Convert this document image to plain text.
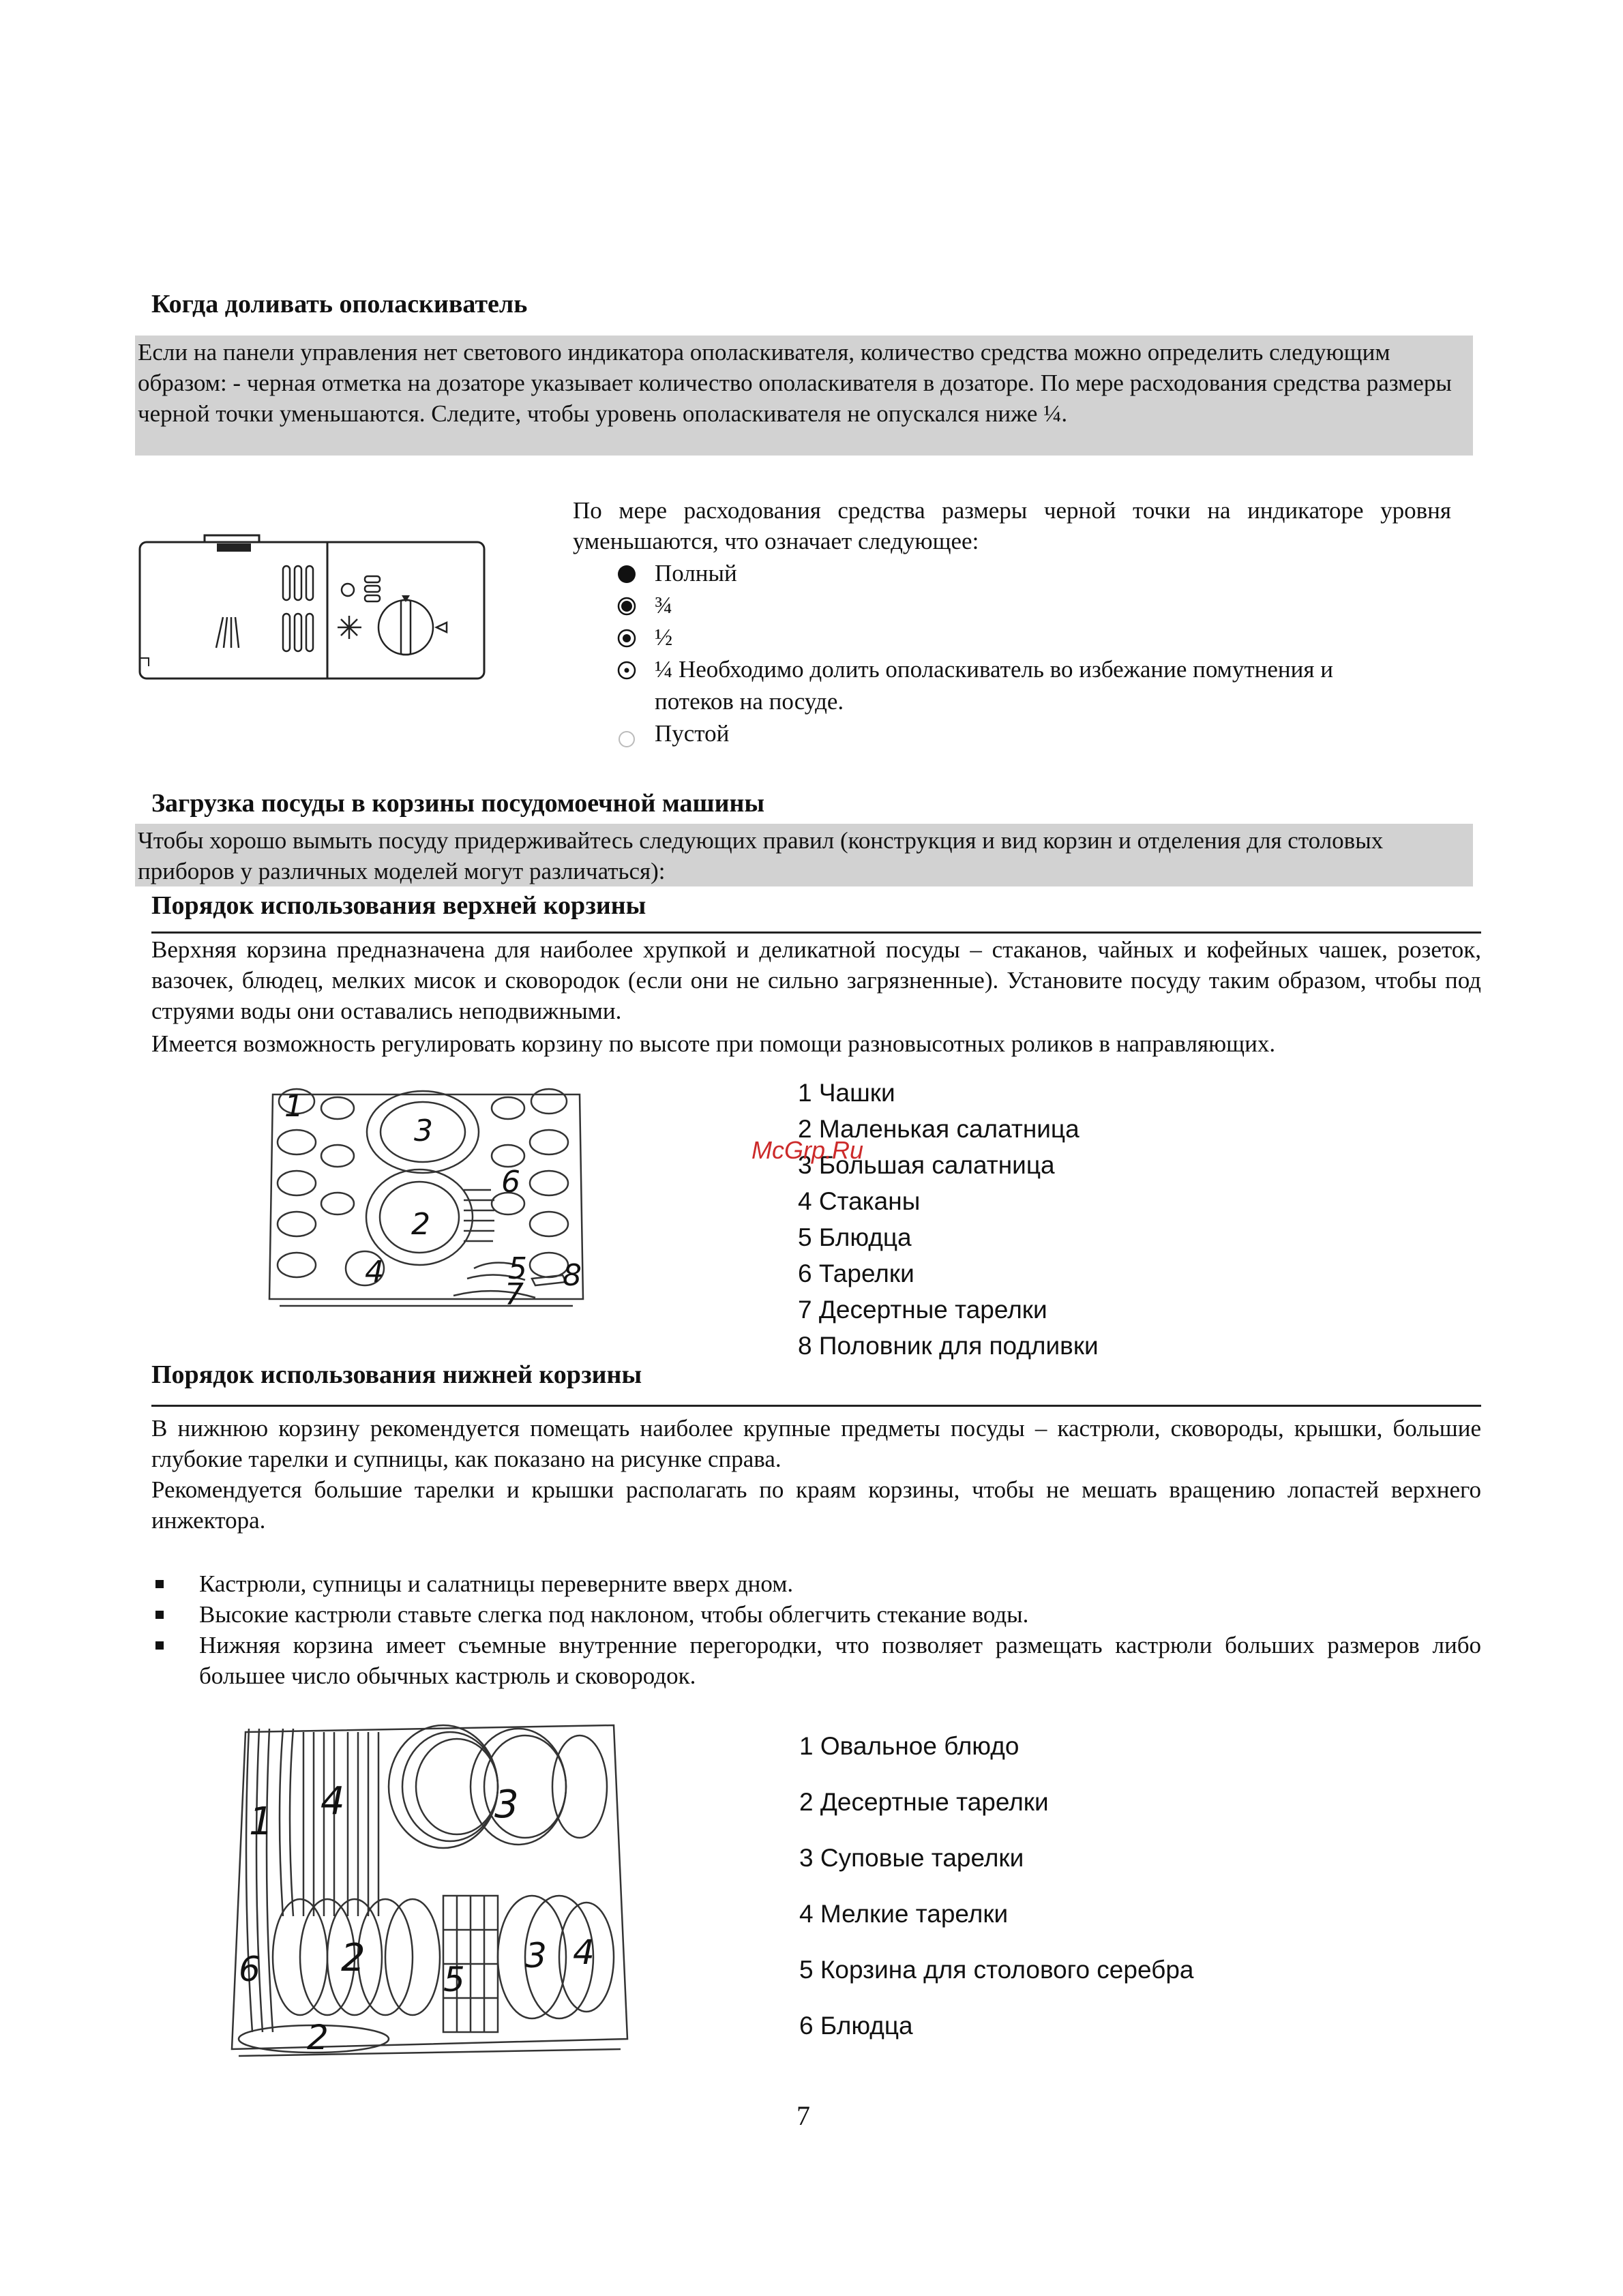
Когда доливать ополаскиватель
Если на панели управления нет светового индикатора ополаскивателя, количество средства можно определить следующим образом: - черная отметка на дозаторе указывает количество ополаскивателя в дозаторе. По мере расходования средства размеры черной точки уменьшаются. Следите, чтобы уровень ополаскивателя не опускался ниже ¼.
По мере расходования средства размеры черной точки на индикаторе уровня уменьшаются, что означает следующее:
Полный
¾
½
¼ Необходимо долить ополаскиватель во избежание помутнения и
потеков на посуде.
Пустой
Загрузка посуды в корзины посудомоечной машины
Чтобы хорошо вымыть посуду придерживайтесь следующих правил (конструкция и вид корзин и отделения для столовых приборов у различных моделей могут различаться):
Порядок использования верхней корзины
Верхняя корзина предназначена для наиболее хрупкой и деликатной посуды – стаканов, чайных и кофейных чашек, розеток, вазочек, блюдец, мелких мисок и сковородок (если они не сильно загрязненные). Установите посуду таким образом, чтобы под струями воды они оставались неподвижными.
Имеется возможность регулировать корзину по высоте при помощи разновысотных роликов в направляющих.
1
2
3
4	5
6
7
8
1 Чашки
2 Маленькая салатница
3 Большая салатница
4 Стаканы
5 Блюдца
6 Тарелки
7 Десертные тарелки
8 Половник для подливки
McGrp.Ru
Порядок использования нижней корзины
В нижнюю корзину рекомендуется помещать наиболее крупные предметы посуды – кастрюли, сковороды, крышки, большие глубокие тарелки и супницы, как показано на рисунке справа.
Рекомендуется большие тарелки и крышки располагать по краям корзины, чтобы не мешать вращению лопастей верхнего инжектора.
Кастрюли, супницы и салатницы переверните вверх дном.
Высокие кастрюли ставьте слегка под наклоном, чтобы облегчить стекание воды.
Нижняя корзина имеет съемные внутренние перегородки, что позволяет размещать кастрюли больших размеров либо большее число обычных кастрюль и сковородок.
1 4	3
6 2 5
3 4
2
1 Овальное блюдо
2 Десертные тарелки
3 Суповые тарелки
4 Мелкие тарелки
5 Корзина для столового серебра
6 Блюдца
7
